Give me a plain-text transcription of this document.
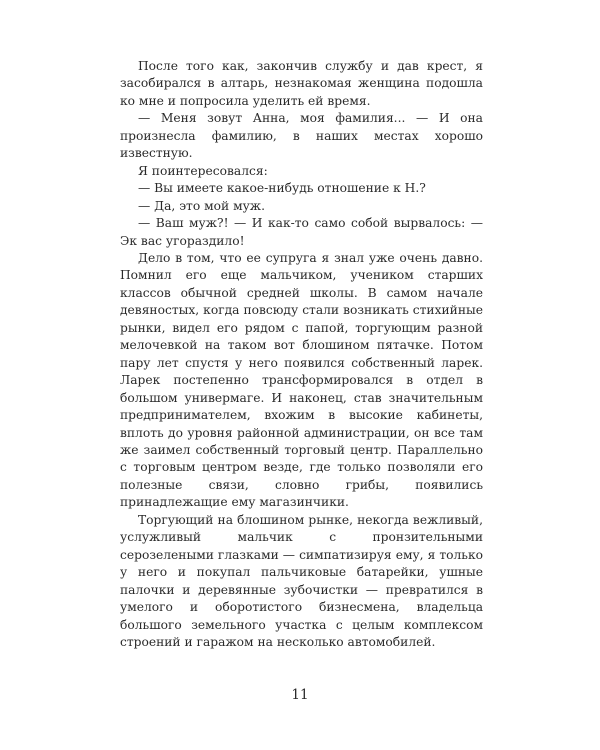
После того как, закончив службу и дав крест, я засобирался в алтарь, незнакомая женщина подошла ко мне и попросила уделить ей время.

— Меня зовут Анна, моя фамилия... — И она произнесла фамилию, в наших местах хорошо известную.

Я поинтересовался:

— Вы имеете какое-нибудь отношение к Н.?

— Да, это мой муж.

— Ваш муж?! — И как-то само собой вырвалось: — Эк вас угораздило!

Дело в том, что ее супруга я знал уже очень давно. Помнил его еще мальчиком, учеником старших классов обычной средней школы. В самом начале девяностых, когда повсюду стали возникать стихийные рынки, видел его рядом с папой, торгующим разной мелочевкой на таком вот блошином пятачке. Потом пару лет спустя у него появился собственный ларек. Ларек постепенно трансформировался в отдел в большом универмаге. И наконец, став значительным предпринимателем, вхожим в высокие кабинеты, вплоть до уровня районной администрации, он все там же заимел собственный торговый центр. Параллельно с торговым центром везде, где только позволяли его полезные связи, словно грибы, появились принадлежащие ему магазинчики.

Торгующий на блошином рынке, некогда вежливый, услужливый мальчик с пронзительными серозелеными глазками — симпатизируя ему, я только у него и покупал пальчиковые батарейки, ушные палочки и деревянные зубочистки — превратился в умелого и оборотистого бизнесмена, владельца большого земельного участка с целым комплексом строений и гаражом на несколько автомобилей.

11
